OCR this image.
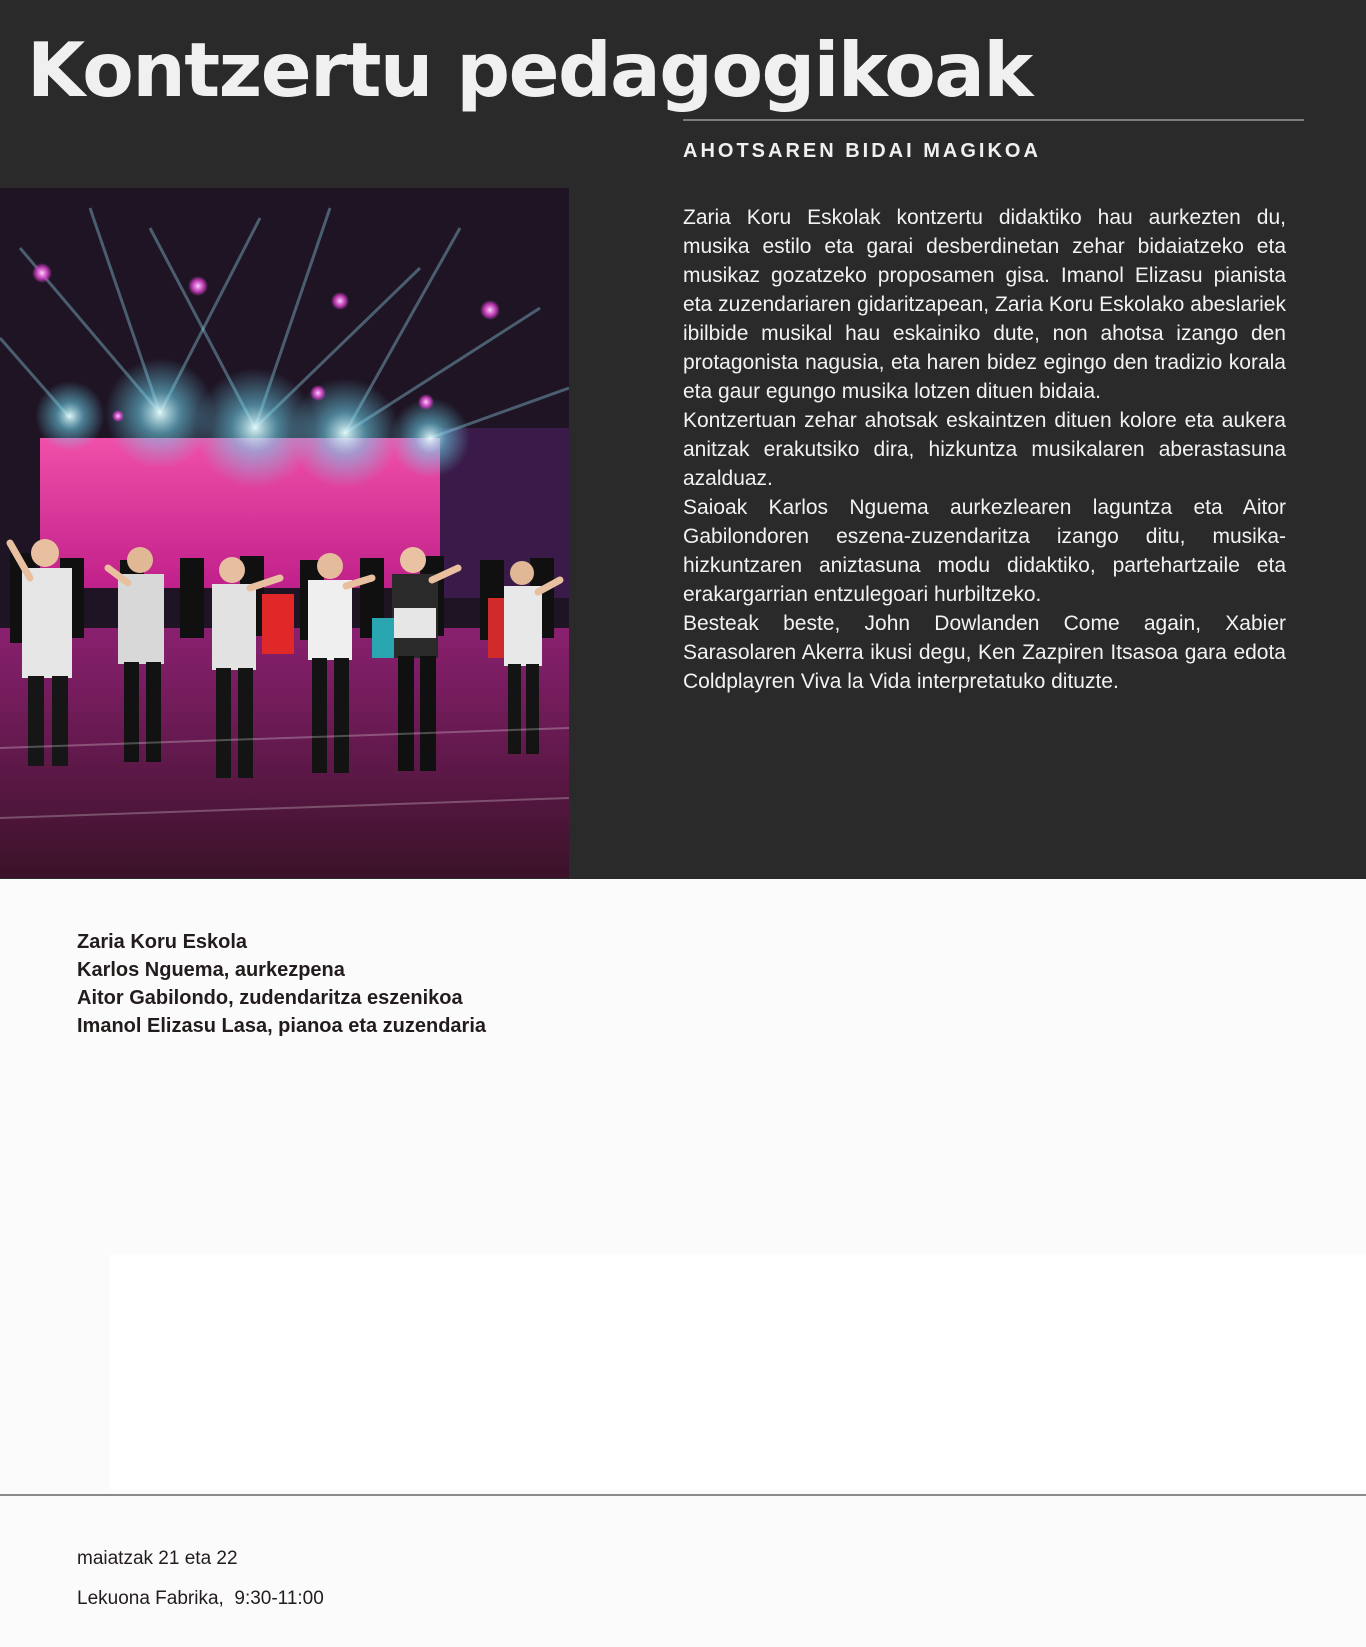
Kontzertu pedagogikoak
AHOTSAREN BIDAI MAGIKOA

Zaria Koru Eskolak kontzertu didaktiko hau aurkezten du, musika estilo eta garai desberdinetan zehar bidaiatzeko eta musikaz gozatzeko proposamen gisa. Imanol Elizasu pianista eta zuzendariaren gidaritzapean, Zaria Koru Eskolako abeslariek ibilbide musikal hau eskainiko dute, non ahotsa izango den protagonista nagusia, eta haren bidez egingo den tradizio korala eta gaur egungo musika lotzen dituen bidaia.

Kontzertuan zehar ahotsak eskaintzen dituen kolore eta aukera anitzak erakutsiko dira, hizkuntza musikalaren aberastasuna azalduaz.

Saioak Karlos Nguema aurkezlearen laguntza eta Aitor Gabilondoren eszena-zuzendaritza izango ditu, musika-hizkuntzaren aniztasuna modu didaktiko, partehartzaile eta erakargarrian entzulegoari hurbiltzeko.

Besteak beste, John Dowlanden Come again, Xabier Sarasolaren Akerra ikusi degu, Ken Zazpiren Itsasoa gara edota Coldplayren Viva la Vida interpretatuko dituzte.

Zaria Koru Eskola
Karlos Nguema, aurkezpena
Aitor Gabilondo, zudendaritza eszenikoa
Imanol Elizasu Lasa, pianoa eta zuzendaria
maiatzak 21 eta 22
Lekuona Fabrika,  9:30-11:00
